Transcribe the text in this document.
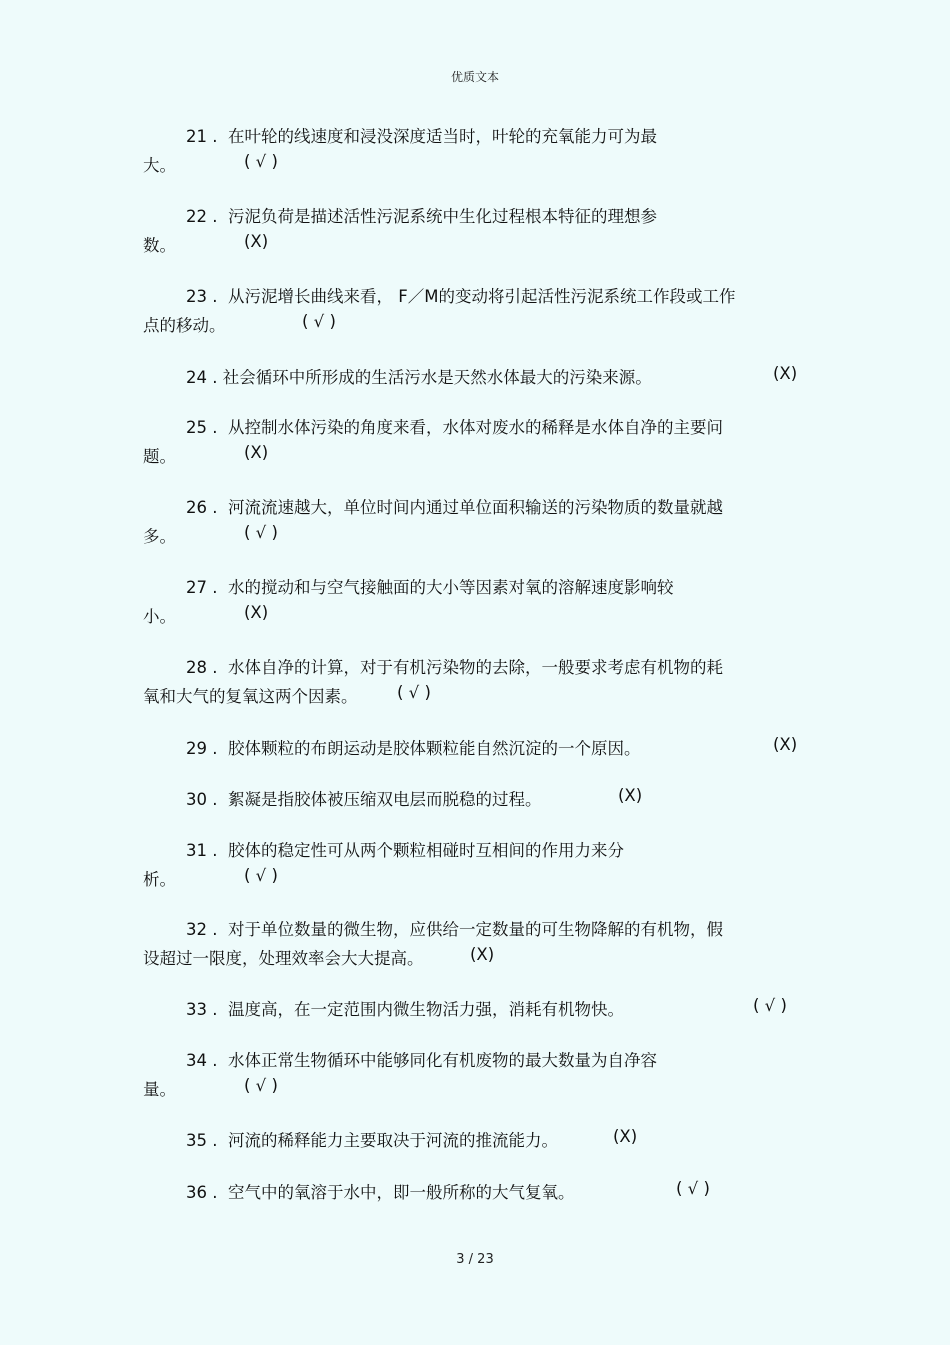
优质文本
21 . 在叶轮的线速度和浸没深度适当时，叶轮的充氧能力可为最
大。	( √ )
22 . 污泥负荷是描述活性污泥系统中生化过程根本特征的理想参
数。	(X)
23 . 从污泥增长曲线来看， F／M的变动将引起活性污泥系统工作段或工作
点的移动。	( √ )
24 . 社会循环中所形成的生活污水是天然水体最大的污染来源。	(X)
25 . 从控制水体污染的角度来看，水体对废水的稀释是水体自净的主要问
题。	(X)
26 . 河流流速越大，单位时间内通过单位面积输送的污染物质的数量就越
多。	( √ )
27 . 水的搅动和与空气接触面的大小等因素对氧的溶解速度影响较
小。	(X)
28 . 水体自净的计算，对于有机污染物的去除，一般要求考虑有机物的耗
氧和大气的复氧这两个因素。 ( √ )
29 . 胶体颗粒的布朗运动是胶体颗粒能自然沉淀的一个原因。	(X)
30 . 絮凝是指胶体被压缩双电层而脱稳的过程。	(X)
31 . 胶体的稳定性可从两个颗粒相碰时互相间的作用力来分
析。	( √ )
32 . 对于单位数量的微生物，应供给一定数量的可生物降解的有机物，假
设超过一限度，处理效率会大大提高。	(X)
33 . 温度高，在一定范围内微生物活力强，消耗有机物快。	( √ )
34 . 水体正常生物循环中能够同化有机废物的最大数量为自净容
量。	( √ )
35 . 河流的稀释能力主要取决于河流的推流能力。	(X)
36 . 空气中的氧溶于水中，即一般所称的大气复氧。	( √ )
3 / 23
